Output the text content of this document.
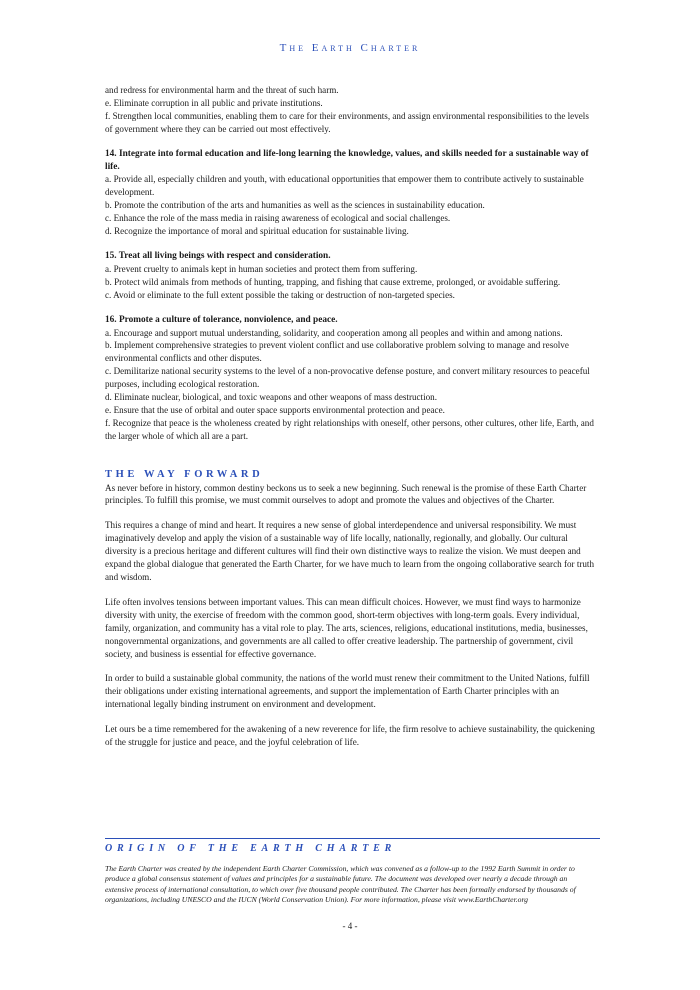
The Earth Charter

and redress for environmental harm and the threat of such harm.

e. Eliminate corruption in all public and private institutions.

f. Strengthen local communities, enabling them to care for their environments, and assign environmental responsibilities to the levels of government where they can be carried out most effectively.

14. Integrate into formal education and life-long learning the knowledge, values, and skills needed for a sustainable way of life.

a. Provide all, especially children and youth, with educational opportunities that empower them to contribute actively to sustainable development.

b. Promote the contribution of the arts and humanities as well as the sciences in sustainability education.

c. Enhance the role of the mass media in raising awareness of ecological and social challenges.

d. Recognize the importance of moral and spiritual education for sustainable living.

15. Treat all living beings with respect and consideration.

a. Prevent cruelty to animals kept in human societies and protect them from suffering.

b. Protect wild animals from methods of hunting, trapping, and fishing that cause extreme, prolonged, or avoidable suffering.

c. Avoid or eliminate to the full extent possible the taking or destruction of non-targeted species.

16. Promote a culture of tolerance, nonviolence, and peace.

a. Encourage and support mutual understanding, solidarity, and cooperation among all peoples and within and among nations.

b. Implement comprehensive strategies to prevent violent conflict and use collaborative problem solving to manage and resolve environmental conflicts and other disputes.

c. Demilitarize national security systems to the level of a non-provocative defense posture, and convert military resources to peaceful purposes, including ecological restoration.

d. Eliminate nuclear, biological, and toxic weapons and other weapons of mass destruction.

e. Ensure that the use of orbital and outer space supports environmental protection and peace.

f. Recognize that peace is the wholeness created by right relationships with oneself, other persons, other cultures, other life, Earth, and the larger whole of which all are a part.

THE WAY FORWARD

As never before in history, common destiny beckons us to seek a new beginning. Such renewal is the promise of these Earth Charter principles. To fulfill this promise, we must commit ourselves to adopt and promote the values and objectives of the Charter.

This requires a change of mind and heart. It requires a new sense of global interdependence and universal responsibility. We must imaginatively develop and apply the vision of a sustainable way of life locally, nationally, regionally, and globally. Our cultural diversity is a precious heritage and different cultures will find their own distinctive ways to realize the vision. We must deepen and expand the global dialogue that generated the Earth Charter, for we have much to learn from the ongoing collaborative search for truth and wisdom.

Life often involves tensions between important values. This can mean difficult choices. However, we must find ways to harmonize diversity with unity, the exercise of freedom with the common good, short-term objectives with long-term goals. Every individual, family, organization, and community has a vital role to play. The arts, sciences, religions, educational institutions, media, businesses, nongovernmental organizations, and governments are all called to offer creative leadership. The partnership of government, civil society, and business is essential for effective governance.

In order to build a sustainable global community, the nations of the world must renew their commitment to the United Nations, fulfill their obligations under existing international agreements, and support the implementation of Earth Charter principles with an international legally binding instrument on environment and development.

Let ours be a time remembered for the awakening of a new reverence for life, the firm resolve to achieve sustainability, the quickening of the struggle for justice and peace, and the joyful celebration of life.

ORIGIN OF THE EARTH CHARTER

The Earth Charter was created by the independent Earth Charter Commission, which was convened as a follow-up to the 1992 Earth Summit in order to produce a global consensus statement of values and principles for a sustainable future. The document was developed over nearly a decade through an extensive process of international consultation, to which over five thousand people contributed. The Charter has been formally endorsed by thousands of organizations, including UNESCO and the IUCN (World Conservation Union). For more information, please visit www.EarthCharter.org

- 4 -
